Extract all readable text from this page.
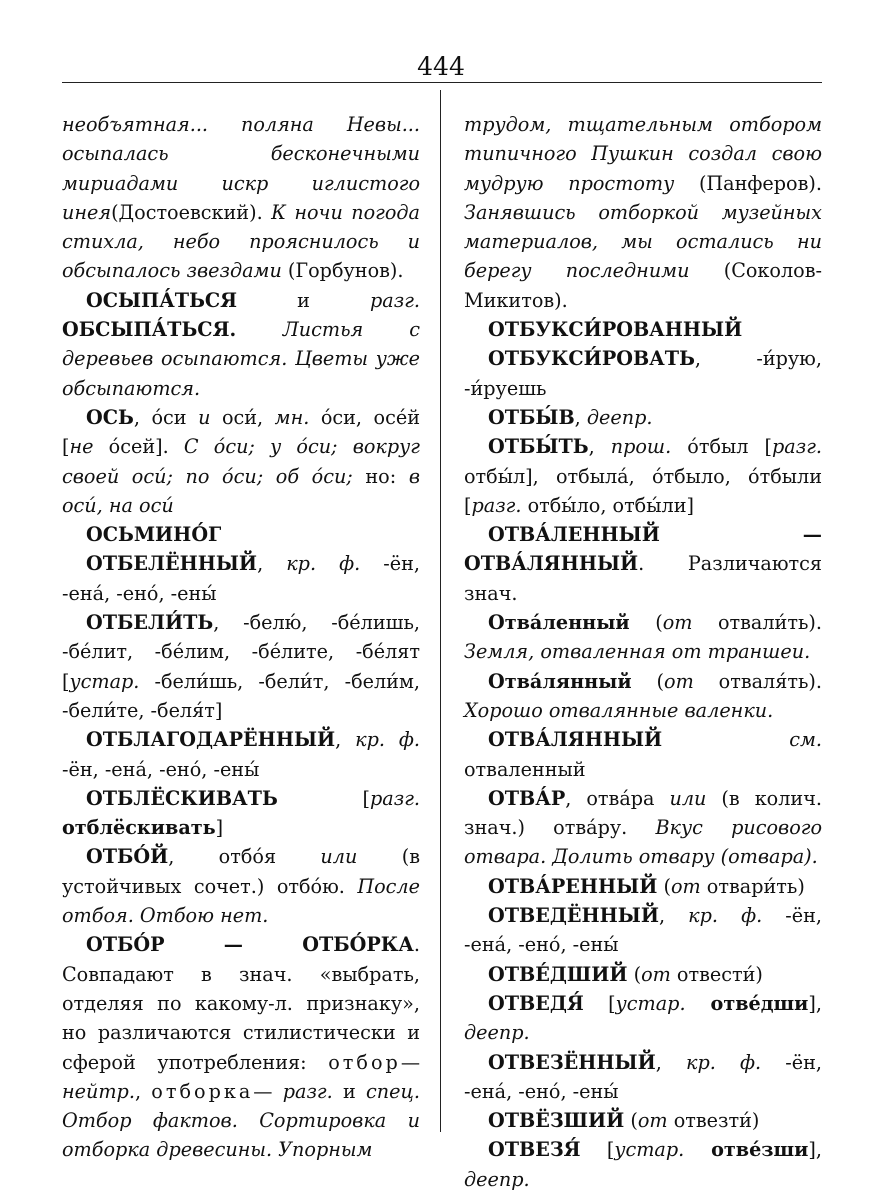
444

необъятная... поляна Невы... осыпалась бесконечными мириадами искр иглистого инея(Достоевский). К ночи погода стихла, небо прояснилось и обсыпалось звездами (Горбунов).

ОСЫПА́ТЬСЯ и разг. ОБСЫПА́ТЬСЯ. Листья с деревьев осыпаются. Цветы уже обсыпаются.

ОСЬ, о́си и оси́, мн. о́си, осе́й [не о́сей]. С о́си; у о́си; вокруг своей оси́; по о́си; об о́си; но: в оси́, на оси́

ОСЬМИНО́Г

ОТБЕЛЁННЫЙ, кр. ф. -ён, -ена́, -ено́, -ены́

ОТБЕЛИ́ТЬ, -белю́, -бе́лишь, -бе́лит, -бе́лим, -бе́лите, -бе́лят [устар. -бели́шь, -бели́т, -бели́м, -бели́те, -беля́т]

ОТБЛАГОДАРЁННЫЙ, кр. ф. -ён, -ена́, -ено́, -ены́

ОТБЛЁСКИВАТЬ [разг. отблёскивать]

ОТБО́Й, отбо́я или (в устойчивых сочет.) отбо́ю. После отбоя. Отбою нет.

ОТБО́Р — ОТБО́РКА. Совпадают в знач. «выбрать, отделяя по какому-л. признаку», но различаются стилистически и сферой употребления: отбор— нейтр., отборка— разг. и спец. Отбор фактов. Сортировка и отборка древесины. Упорным

трудом, тщательным отбором типичного Пушкин создал свою мудрую простоту (Панферов). Занявшись отборкой музейных материалов, мы остались ни берегу последними (Соколов-Микитов).

ОТБУКСИ́РОВАННЫЙ

ОТБУКСИ́РОВАТЬ, -и́рую, -и́руешь

ОТБЫ́В, деепр.

ОТБЫ́ТЬ, прош. о́тбыл [разг. отбы́л], отбыла́, о́тбыло, о́тбыли [разг. отбы́ло, отбы́ли]

ОТВА́ЛЕННЫЙ — ОТВА́ЛЯННЫЙ. Различаются знач.

Отва́ленный (от отвали́ть). Земля, отваленная от траншеи.

Отва́лянный (от отваля́ть). Хорошо отвалянные валенки.

ОТВА́ЛЯННЫЙ	см. отваленный

ОТВА́Р, отва́ра или (в колич. знач.) отва́ру. Вкус рисового отвара. Долить отвару (отвара).

ОТВА́РЕННЫЙ (от отвари́ть)

ОТВЕДЁННЫЙ, кр. ф. -ён, -ена́, -ено́, -ены́

ОТВЕ́ДШИЙ (от отвести́)

ОТВЕДЯ́ [устар. отве́дши], деепр.

ОТВЕЗЁННЫЙ, кр. ф. -ён, -ена́, -ено́, -ены́

ОТВЁЗШИЙ (от отвезти́)

ОТВЕЗЯ́ [устар. отве́зши], деепр.
